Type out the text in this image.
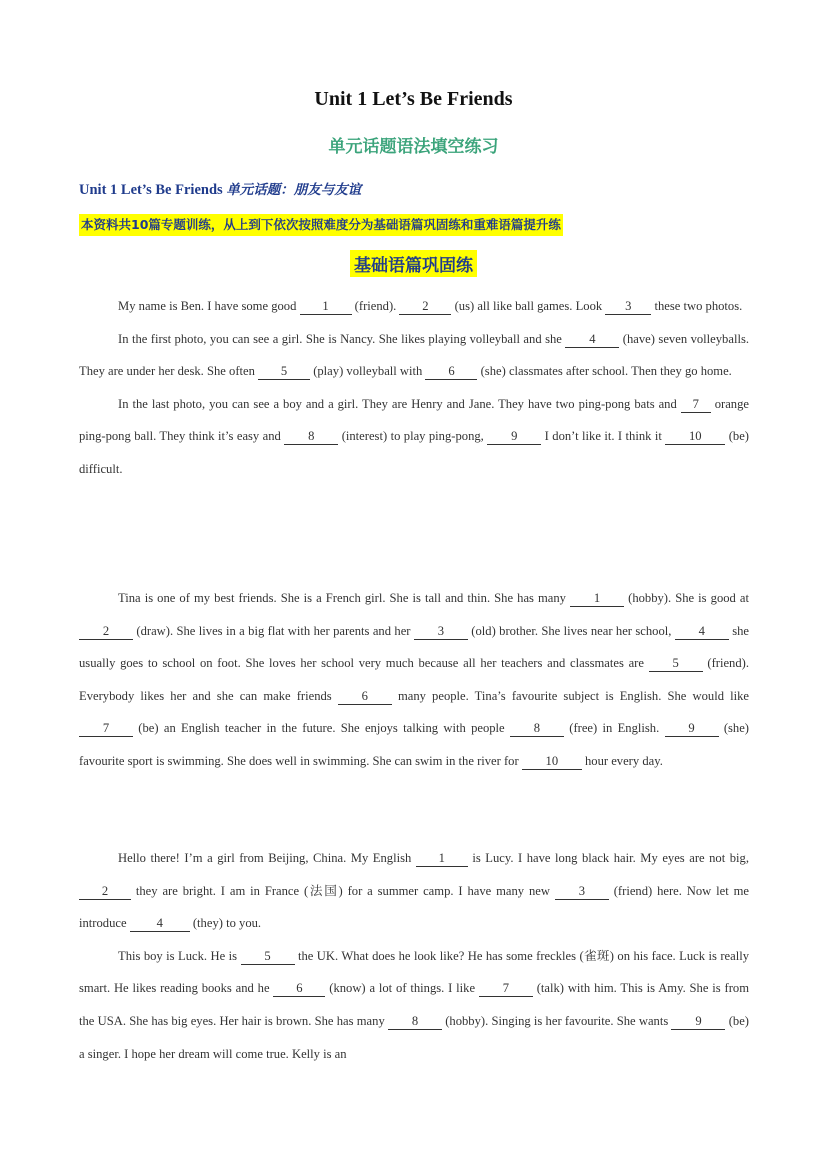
Unit 1 Let’s Be Friends
单元话题语法填空练习
Unit 1 Let’s Be Friends 单元话题：朋友与友谊
本资料共10篇专题训练，从上到下依次按照难度分为基础语篇巩固练和重难语篇提升练
基础语篇巩固练

My name is Ben. I have some good 1 (friend). 2 (us) all like ball games. Look 3 these two photos.

In the first photo, you can see a girl. She is Nancy. She likes playing volleyball and she 4 (have) seven volleyballs. They are under her desk. She often 5 (play) volleyball with 6 (she) classmates after school. Then they go home.

In the last photo, you can see a boy and a girl. They are Henry and Jane. They have two ping-pong bats and 7 orange ping-pong ball. They think it’s easy and 8 (interest) to play ping-pong, 9 I don’t like it. I think it 10 (be) difficult.

Tina is one of my best friends. She is a French girl. She is tall and thin. She has many 1 (hobby). She is good at 2 (draw). She lives in a big flat with her parents and her 3 (old) brother. She lives near her school, 4 she usually goes to school on foot. She loves her school very much because all her teachers and classmates are 5 (friend). Everybody likes her and she can make friends 6 many people. Tina’s favourite subject is English. She would like 7 (be) an English teacher in the future. She enjoys talking with people 8 (free) in English. 9 (she) favourite sport is swimming. She does well in swimming. She can swim in the river for 10 hour every day.

Hello there! I’m a girl from Beijing, China. My English 1 is Lucy. I have long black hair. My eyes are not big, 2 they are bright. I am in France (法国) for a summer camp. I have many new 3 (friend) here. Now let me introduce 4 (they) to you.

This boy is Luck. He is 5 the UK. What does he look like? He has some freckles (雀斑) on his face. Luck is really smart. He likes reading books and he 6 (know) a lot of things. I like 7 (talk) with him. This is Amy. She is from the USA. She has big eyes. Her hair is brown. She has many 8 (hobby). Singing is her favourite. She wants 9 (be) a singer. I hope her dream will come true. Kelly is an
